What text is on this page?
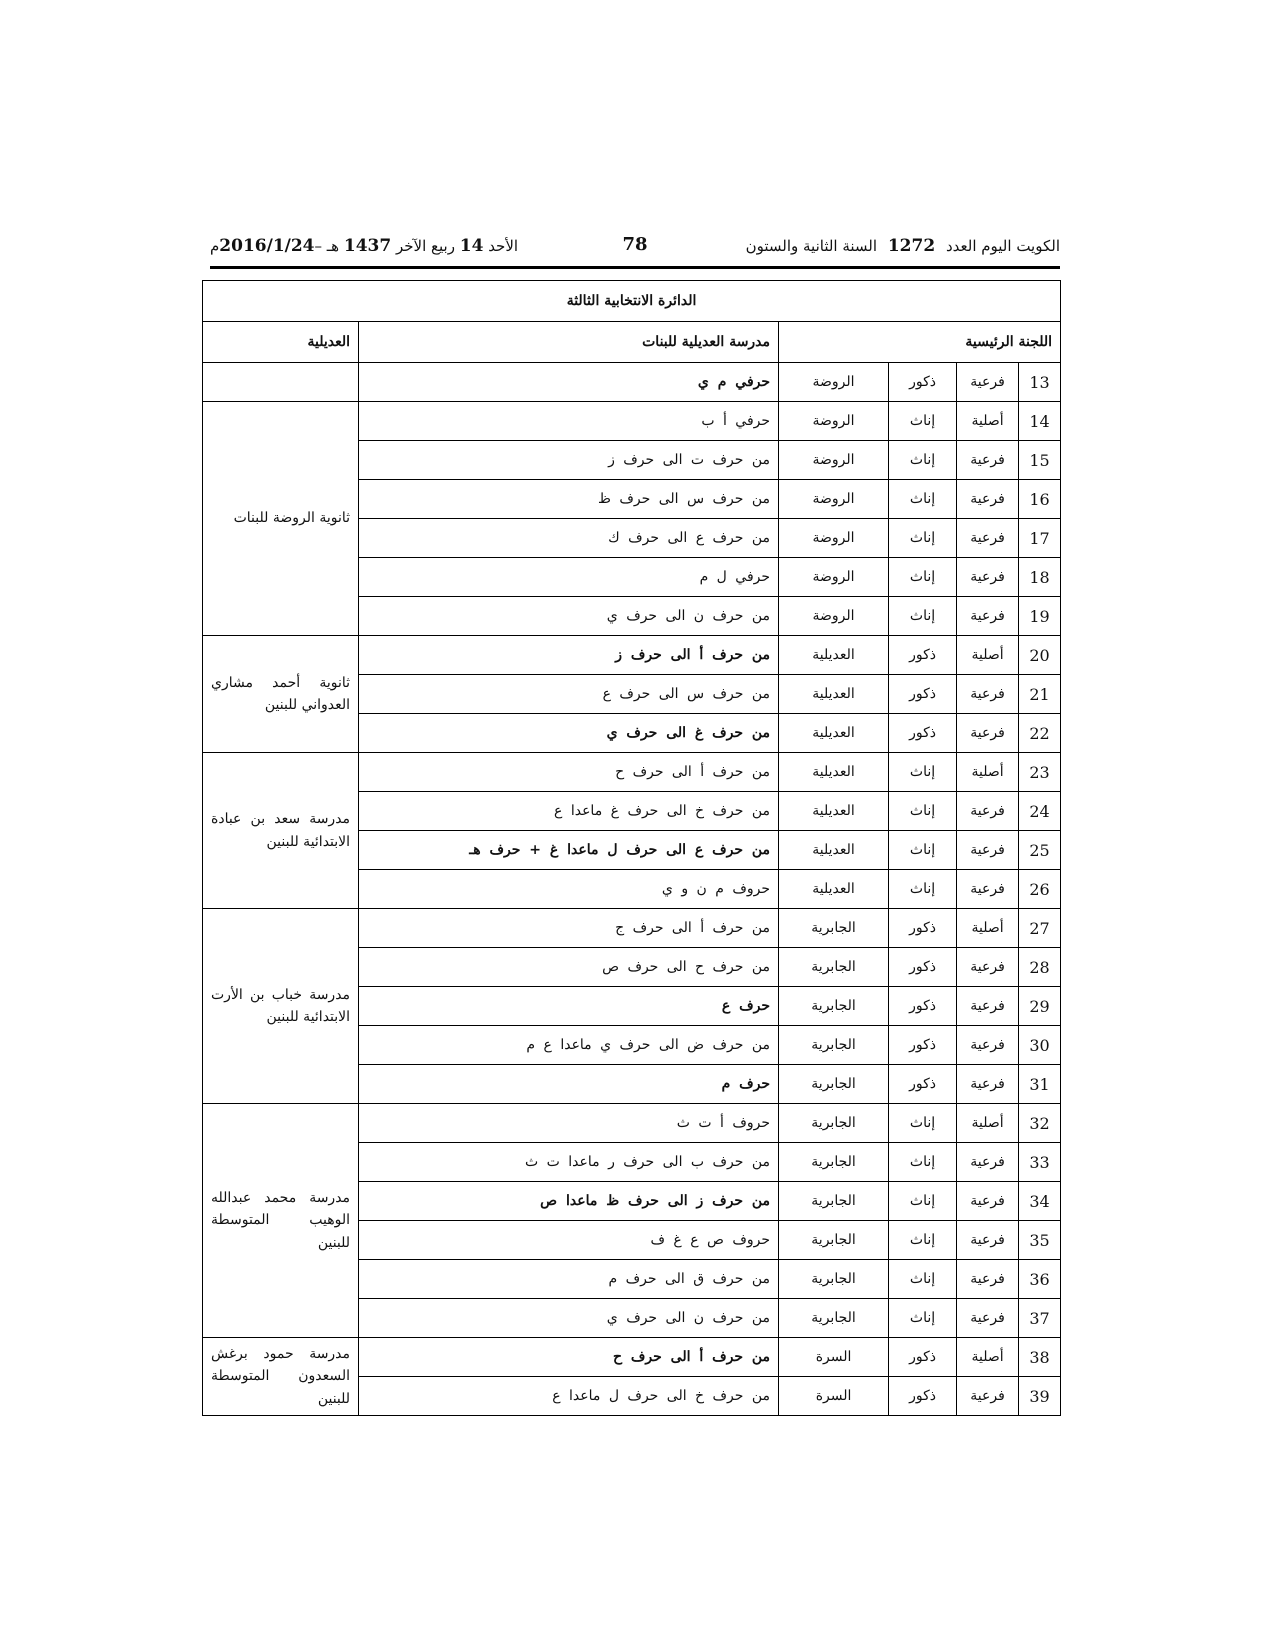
الكويت اليوم العدد 1272 السنة الثانية والستون
78
الأحد 14 ربيع الآخر 1437 هـ –2016/1/24م
الدائرة الانتخابية الثالثة					
اللجنة الرئيسية				مدرسة العديلية للبنات	العديلية
13	فرعية	ذكور	الروضة	حرفي م ي	
14	أصلية	إناث	الروضة	حرفي أ ب	ثانوية الروضة للبنات
15	فرعية	إناث	الروضة	من حرف ت الى حرف ز	
16	فرعية	إناث	الروضة	من حرف س الى حرف ظ	
17	فرعية	إناث	الروضة	من حرف ع الى حرف ك	
18	فرعية	إناث	الروضة	حرفي ل م	
19	فرعية	إناث	الروضة	من حرف ن الى حرف ي	
20	أصلية	ذكور	العديلية	من حرف أ الى حرف ز	ثانوية أحمد مشاري العدواني للبنين
21	فرعية	ذكور	العديلية	من حرف س الى حرف ع	
22	فرعية	ذكور	العديلية	من حرف غ الى حرف ي	
23	أصلية	إناث	العديلية	من حرف أ الى حرف ح	مدرسة سعد بن عبادة الابتدائية للبنين
24	فرعية	إناث	العديلية	من حرف خ الى حرف غ ماعدا ع	
25	فرعية	إناث	العديلية	من حرف ع الى حرف ل ماعدا غ + حرف هـ	
26	فرعية	إناث	العديلية	حروف م ن و ي	
27	أصلية	ذكور	الجابرية	من حرف أ الى حرف ج	مدرسة خباب بن الأرت الابتدائية للبنين
28	فرعية	ذكور	الجابرية	من حرف ح الى حرف ص	
29	فرعية	ذكور	الجابرية	حرف ع	
30	فرعية	ذكور	الجابرية	من حرف ض الى حرف ي ماعدا ع م	
31	فرعية	ذكور	الجابرية	حرف م	
32	أصلية	إناث	الجابرية	حروف أ ت ث	مدرسة محمد عبدالله الوهيب المتوسطة للبنين
33	فرعية	إناث	الجابرية	من حرف ب الى حرف ر ماعدا ت ث	
34	فرعية	إناث	الجابرية	من حرف ز الى حرف ظ ماعدا ص	
35	فرعية	إناث	الجابرية	حروف ص ع غ ف	
36	فرعية	إناث	الجابرية	من حرف ق الى حرف م	
37	فرعية	إناث	الجابرية	من حرف ن الى حرف ي	
38	أصلية	ذكور	السرة	من حرف أ الى حرف ح	مدرسة حمود برغش السعدون المتوسطة للبنين
39	فرعية	ذكور	السرة	من حرف خ الى حرف ل ماعدا ع	
